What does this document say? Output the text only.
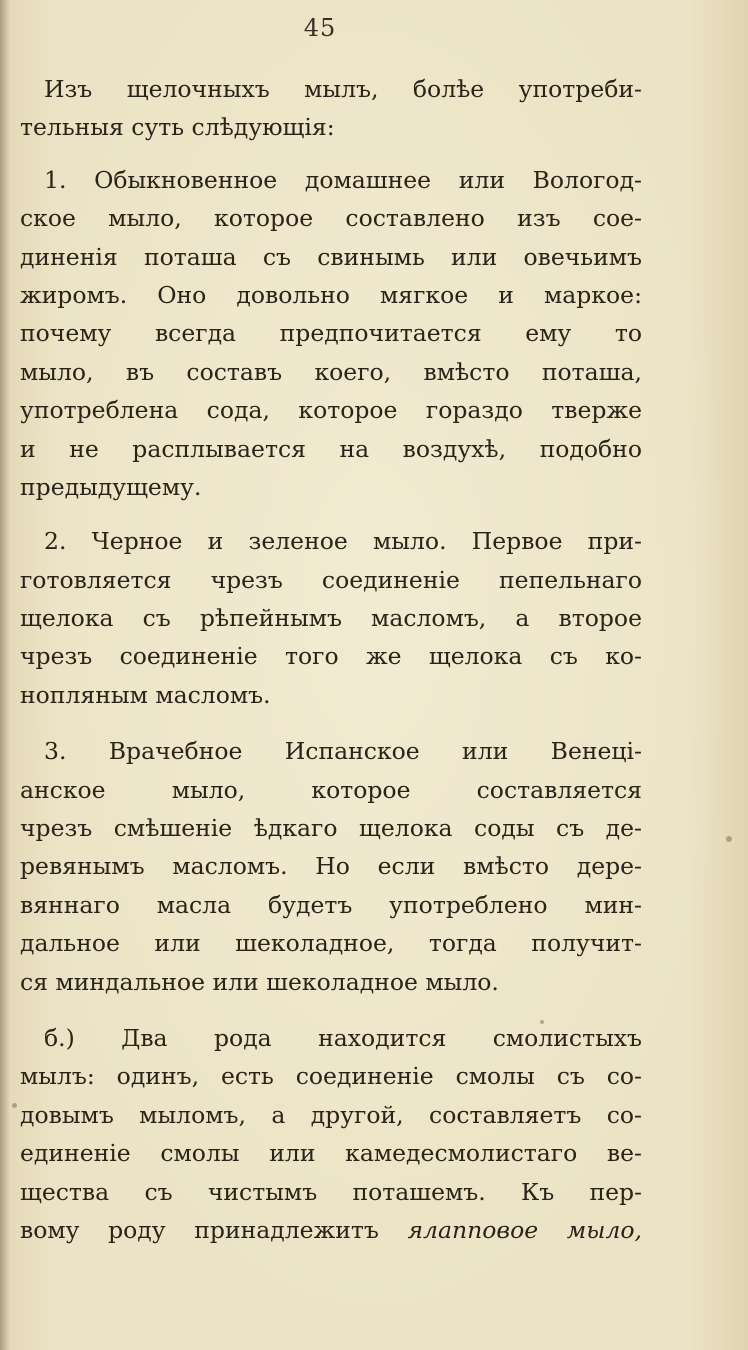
45
Изъ щелочныхъ мылъ, болѣе употреби-
тельныя суть слѣдующія:
1. Обыкновенное домашнее или Вологод-
ское мыло, которое составлено изъ сое-
диненія поташа съ свинымь или овечьимъ
жиромъ. Оно довольно мягкое и маркое:
почему всегда предпочитается ему то
мыло, въ составъ коего, вмѣсто поташа,
употреблена сода, которое гораздо тверже
и не расплывается на воздухѣ, подобно
предыдущему.
2. Черное и зеленое мыло. Первое при-
готовляется чрезъ соединеніе пепельнаго
щелока съ рѣпейнымъ масломъ, а второе
чрезъ соединеніе того же щелока съ ко-
нопляным масломъ.
3. Врачебное Испанское или Венеці-
анское мыло, которое составляется
чрезъ смѣшеніе ѣдкаго щелока соды съ де-
ревянымъ масломъ. Но если вмѣсто дере-
вяннаго масла будетъ употреблено мин-
дальное или шеколадное, тогда получит-
ся миндальное или шеколадное мыло.
б.) Два рода находится смолистыхъ
мылъ: одинъ, есть соединеніе смолы съ со-
довымъ мыломъ, а другой, составляетъ со-
единеніе смолы или камедесмолистаго ве-
щества съ чистымъ поташемъ. Къ пер-
вому роду принадлежитъ ялапповое мыло,
